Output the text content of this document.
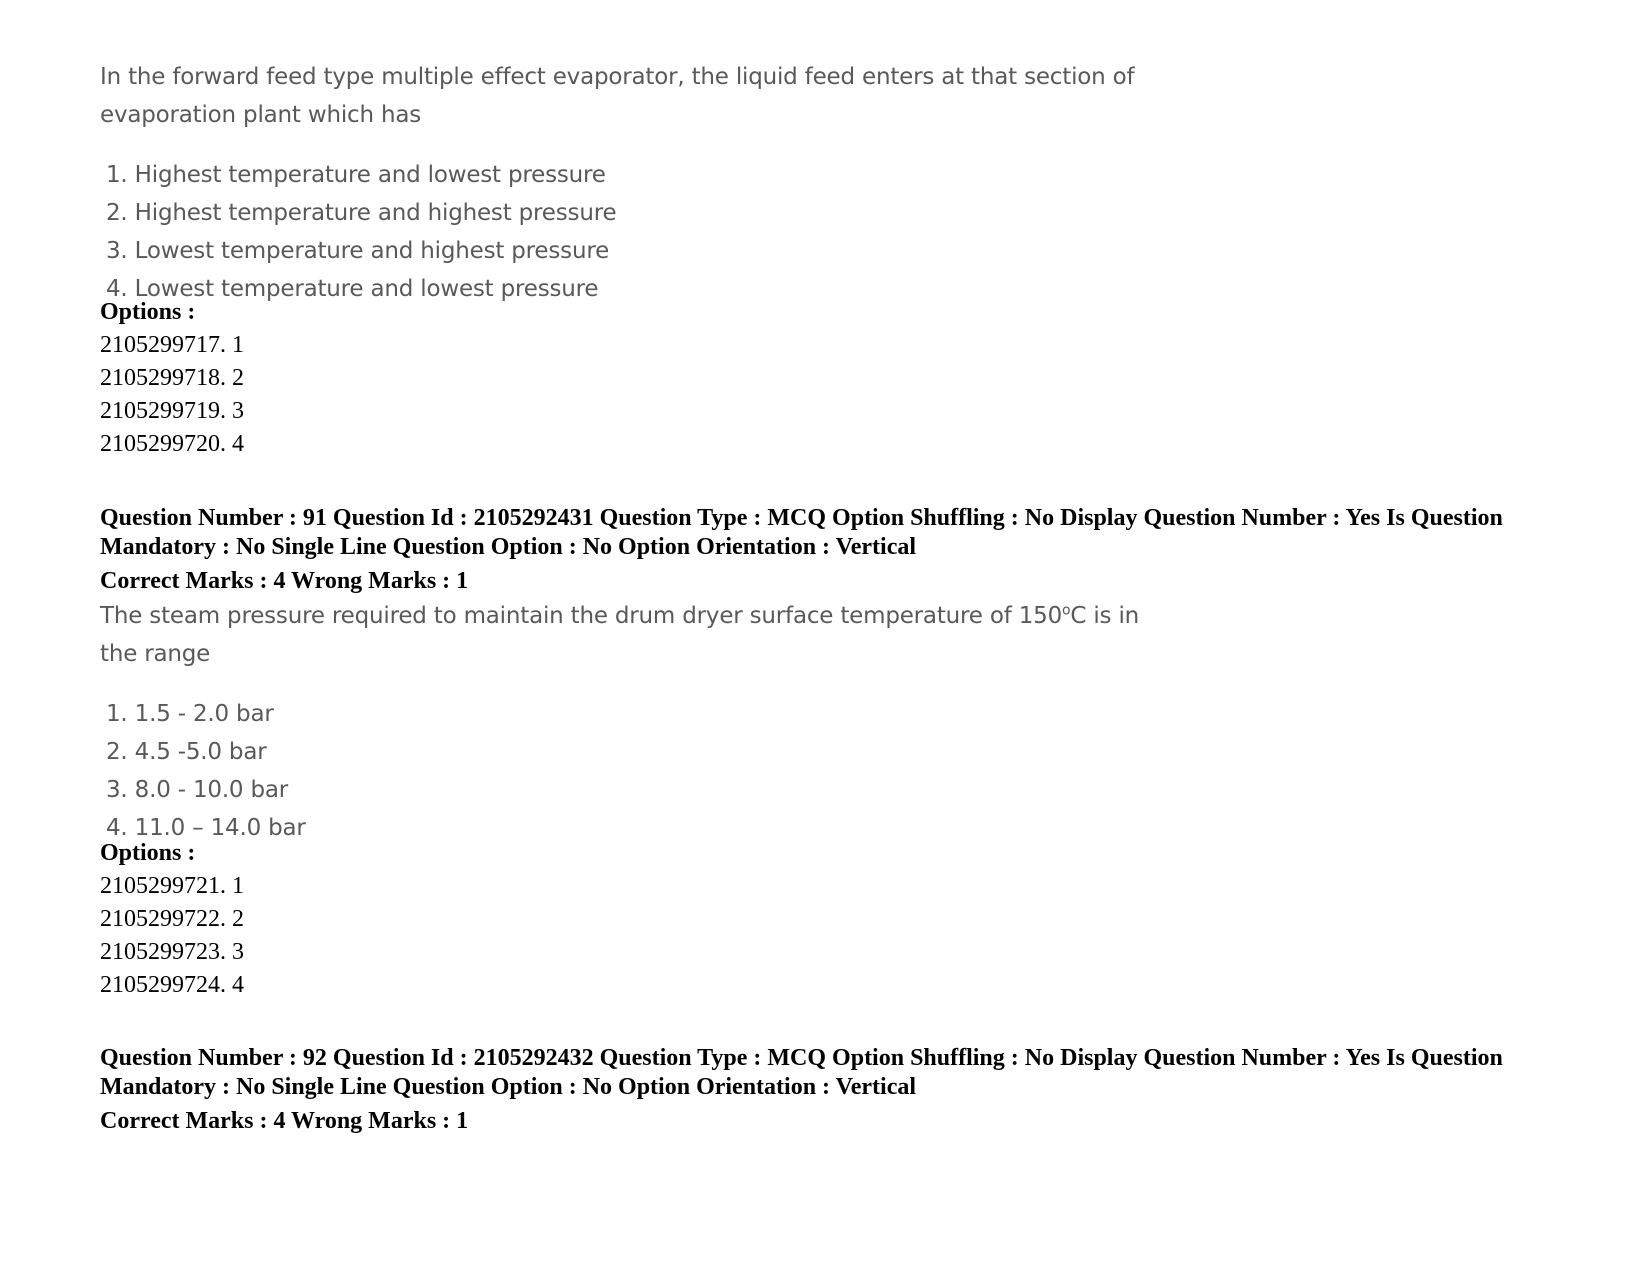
In the forward feed type multiple effect evaporator, the liquid feed enters at that section of
evaporation plant which has
1. Highest temperature and lowest pressure
2. Highest temperature and highest pressure
3. Lowest temperature and highest pressure
4. Lowest temperature and lowest pressure
Options :
2105299717. 1
2105299718. 2
2105299719. 3
2105299720. 4
Question Number : 91 Question Id : 2105292431 Question Type : MCQ Option Shuffling : No Display Question Number : Yes Is Question Mandatory : No Single Line Question Option : No Option Orientation : Vertical
Correct Marks : 4 Wrong Marks : 1
The steam pressure required to maintain the drum dryer surface temperature of 150$^o$C is in
the range
1. 1.5 - 2.0 bar
2. 4.5 -5.0 bar
3. 8.0 - 10.0 bar
4. 11.0 – 14.0 bar
Options :
2105299721. 1
2105299722. 2
2105299723. 3
2105299724. 4
Question Number : 92 Question Id : 2105292432 Question Type : MCQ Option Shuffling : No Display Question Number : Yes Is Question Mandatory : No Single Line Question Option : No Option Orientation : Vertical
Correct Marks : 4 Wrong Marks : 1
